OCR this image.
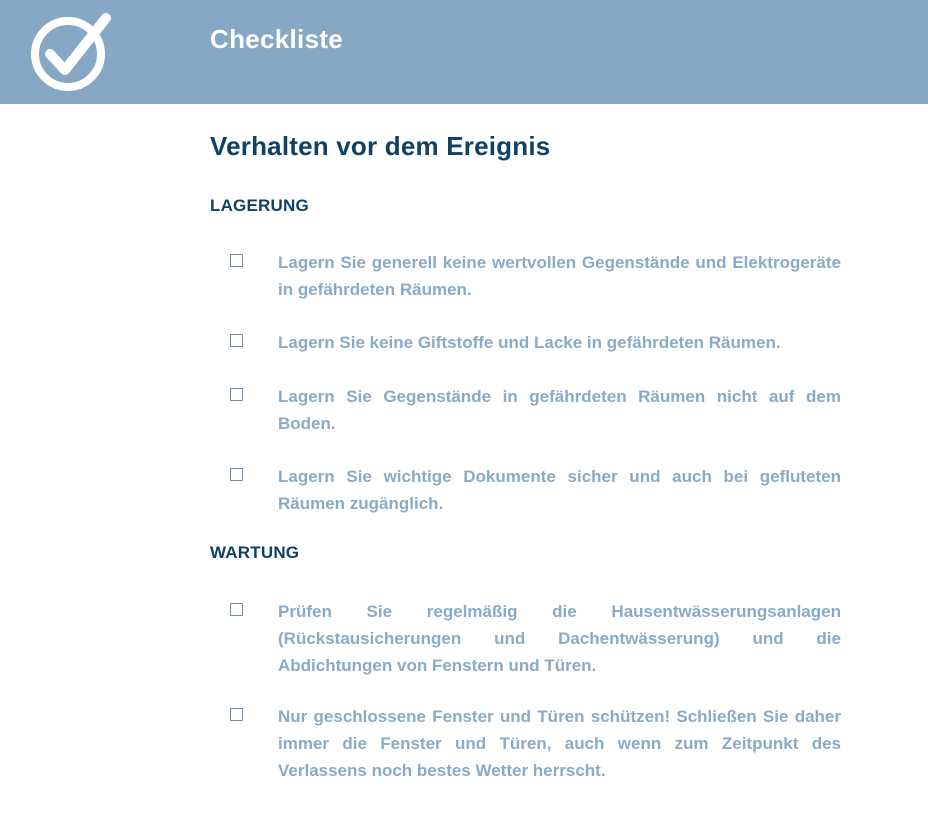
Checkliste
Verhalten vor dem Ereignis
LAGERUNG

Lagern Sie generell keine wertvollen Gegenstände und Elektrogeräte in gefährdeten Räumen.

Lagern Sie keine Giftstoffe und Lacke in gefährdeten Räumen.

Lagern Sie Gegenstände in gefährdeten Räumen nicht auf dem Boden.

Lagern Sie wichtige Dokumente sicher und auch bei gefluteten Räumen zugänglich.

WARTUNG

Prüfen Sie regelmäßig die Hausentwässerungsanlagen (Rückstausicherungen und Dachentwässerung) und die Abdichtungen von Fenstern und Türen.

Nur geschlossene Fenster und Türen schützen! Schließen Sie daher immer die Fenster und Türen, auch wenn zum Zeitpunkt des Verlassens noch bestes Wetter herrscht.
